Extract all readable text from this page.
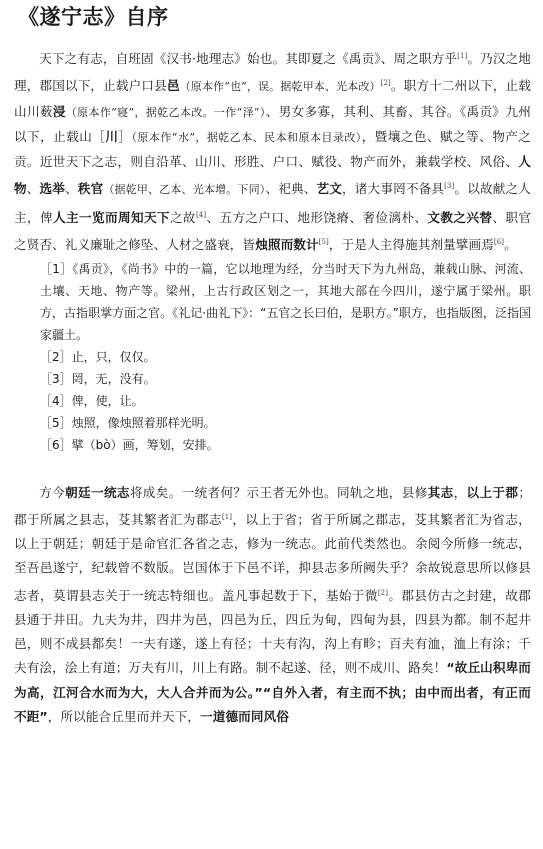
《遂宁志》自序

天下之有志，自班固《汉书·地理志》始也。其即夏之《禹贡》、周之职方乎[1]。乃汉之地理，郡国以下，止载户口县邑（原本作“也”，误。据乾甲本、光本改）[2]。职方十二州以下，止载山川薮浸（原本作“寝”，据乾乙本改。一作“泽”）、男女多寡，其利、其畜、其谷。《禹贡》九州以下，止载山［川］（原本作“水”，据乾乙本、民本和原本目录改），暨壤之色、赋之等、物产之贡。近世天下之志，则自沿革、山川、形胜、户口、赋役、物产而外，兼载学校、风俗、人物、选举、秩官（据乾甲、乙本、光本增。下同）、祀典、艺文，诸大事罔不备具[3]。以故献之人主，俾人主一览而周知天下之故[4]、五方之户口、地形饶瘠、奢俭漓朴、文教之兴替、职官之贤否、礼义廉耻之修坠、人材之盛衰，皆烛照而数计[5]，于是人主得施其剂量擘画焉[6]。

［1］《禹贡》，《尚书》中的一篇，它以地理为经，分当时天下为九州岛，兼载山脉、河流、土壤、天地、物产等。梁州，上古行政区划之一，其地大部在今四川，遂宁属于梁州。职方，古指职掌方面之官。《礼记·曲礼下》：“五官之长曰伯，是职方。”职方，也指版图，泛指国家疆土。

［2］止，只，仅仅。

［3］罔，无，没有。

［4］俾，使，让。

［5］烛照，像烛照着那样光明。

［6］擘（bò）画，筹划，安排。

方今朝廷一统志将成矣。一统者何？示王者无外也。同轨之地，县修其志，以上于郡；郡于所属之县志，芟其繁者汇为郡志[1]，以上于省；省于所属之郡志，芟其繁者汇为省志，以上于朝廷；朝廷于是命官汇各省之志，修为一统志。此前代类然也。余阅今所修一统志，至吾邑遂宁，纪载曾不数版。岂国体于下邑不详，抑县志多所阙失乎？余故锐意思所以修县志者，莫谓县志关于一统志特细也。盖凡事起数于下，基始于微[2]。郡县仿古之封建，故郡县通于井田。九夫为井，四井为邑，四邑为丘，四丘为甸，四甸为县，四县为都。制不起井邑，则不成县都矣！一夫有遂，遂上有径；十夫有沟，沟上有畛；百夫有洫，洫上有涂；千夫有浍，浍上有道；万夫有川，川上有路。制不起遂、径，则不成川、路矣！“故丘山积卑而为高，江河合水而为大，大人合并而为公。”“自外入者，有主而不执；由中而出者，有正而不距”，所以能合丘里而并天下，一道德而同风俗
